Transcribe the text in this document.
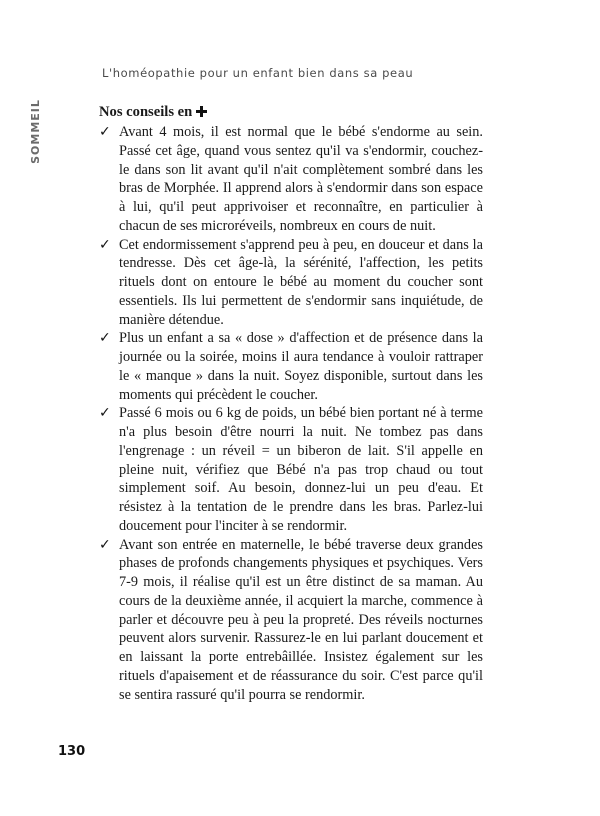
L'homéopathie pour un enfant bien dans sa peau
SOMMEIL	Nos conseils en
✓ Avant 4 mois, il est normal que le bébé s'endorme au sein. Passé cet âge, quand vous sentez qu'il va s'endormir, couchez-le dans son lit avant qu'il n'ait complètement sombré dans les bras de Morphée. Il apprend alors à s'endormir dans son espace à lui, qu'il peut apprivoiser et reconnaître, en particulier à chacun de ses microréveils, nombreux en cours de nuit.
✓ Cet endormissement s'apprend peu à peu, en douceur et dans la tendresse. Dès cet âge-là, la sérénité, l'affection, les petits rituels dont on entoure le bébé au moment du coucher sont essentiels. Ils lui permettent de s'endormir sans inquiétude, de manière détendue.
✓ Plus un enfant a sa « dose » d'affection et de présence dans la journée ou la soirée, moins il aura tendance à vouloir rattraper le « manque » dans la nuit. Soyez disponible, surtout dans les moments qui précèdent le coucher.
✓ Passé 6 mois ou 6 kg de poids, un bébé bien portant né à terme n'a plus besoin d'être nourri la nuit. Ne tombez pas dans l'engrenage : un réveil = un biberon de lait. S'il appelle en pleine nuit, vérifiez que Bébé n'a pas trop chaud ou tout simplement soif. Au besoin, donnez-lui un peu d'eau. Et résistez à la tentation de le prendre dans les bras. Parlez-lui doucement pour l'inciter à se rendormir.
✓ Avant son entrée en maternelle, le bébé traverse deux grandes phases de profonds changements physiques et psychiques. Vers 7-9 mois, il réalise qu'il est un être distinct de sa maman. Au cours de la deuxième année, il acquiert la marche, commence à parler et découvre peu à peu la propreté. Des réveils nocturnes peuvent alors survenir. Rassurez-le en lui parlant doucement et en laissant la porte entrebâillée. Insistez également sur les rituels d'apaisement et de réassurance du soir. C'est parce qu'il se sentira rassuré qu'il pourra se rendormir.
130
